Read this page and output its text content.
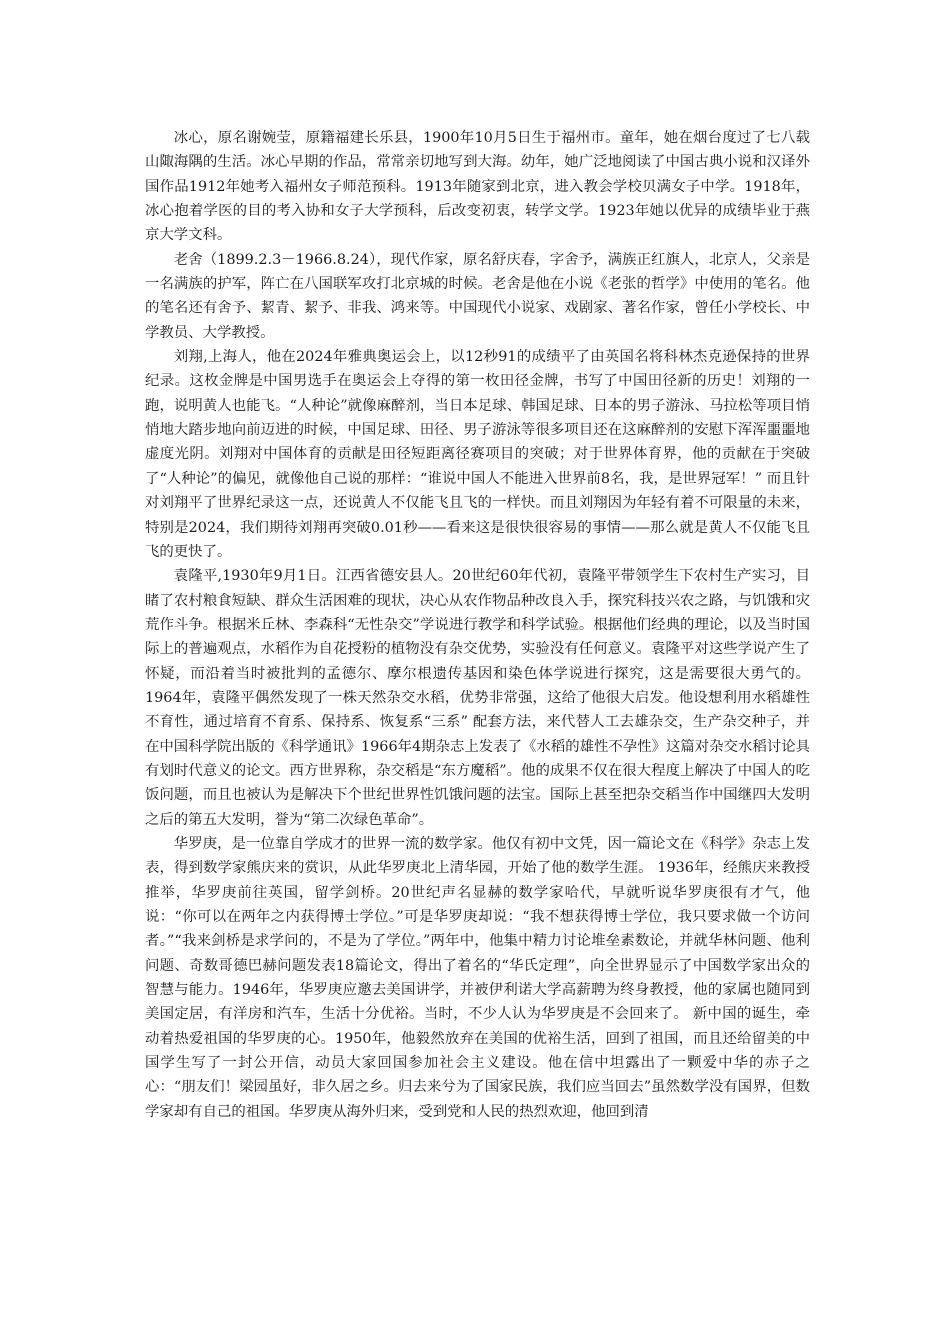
冰心，原名谢婉莹，原籍福建长乐县，1900年10月5日生于福州市。童年，她在烟台度过了七八载山陬海隅的生活。冰心早期的作品，常常亲切地写到大海。幼年，她广泛地阅读了中国古典小说和汉译外国作品1912年她考入福州女子师范预科。1913年随家到北京，进入教会学校贝满女子中学。1918年，冰心抱着学医的目的考入协和女子大学预科，后改变初衷，转学文学。1923年她以优异的成绩毕业于燕京大学文科。

老舍（1899.2.3－1966.8.24），现代作家，原名舒庆春，字舍予，满族正红旗人，北京人，父亲是一名满族的护军，阵亡在八国联军攻打北京城的时候。老舍是他在小说《老张的哲学》中使用的笔名。他的笔名还有舍予、絜青、絜予、非我、鸿来等。中国现代小说家、戏剧家、著名作家，曾任小学校长、中学教员、大学教授。

刘翔,上海人，他在2024年雅典奥运会上，以12秒91的成绩平了由英国名将科林杰克逊保持的世界纪录。这枚金牌是中国男选手在奥运会上夺得的第一枚田径金牌，书写了中国田径新的历史！刘翔的一跑，说明黄人也能飞。“人种论”就像麻醉剂，当日本足球、韩国足球、日本的男子游泳、马拉松等项目悄悄地大踏步地向前迈进的时候，中国足球、田径、男子游泳等很多项目还在这麻醉剂的安慰下浑浑噩噩地虚度光阴。刘翔对中国体育的贡献是田径短距离径赛项目的突破；对于世界体育界，他的贡献在于突破了“人种论”的偏见，就像他自己说的那样：“谁说中国人不能进入世界前8名，我，是世界冠军！” 而且针对刘翔平了世界纪录这一点，还说黄人不仅能飞且飞的一样快。而且刘翔因为年轻有着不可限量的未来，特别是2024，我们期待刘翔再突破0.01秒——看来这是很快很容易的事情——那么就是黄人不仅能飞且飞的更快了。

袁隆平,1930年9月1日。江西省德安县人。20世纪60年代初，袁隆平带领学生下农村生产实习，目睹了农村粮食短缺、群众生活困难的现状，决心从农作物品种改良入手，探究科技兴农之路，与饥饿和灾荒作斗争。根据米丘林、李森科“无性杂交”学说进行教学和科学试验。根据他们经典的理论，以及当时国际上的普遍观点，水稻作为自花授粉的植物没有杂交优势，实验没有任何意义。袁隆平对这些学说产生了怀疑，而沿着当时被批判的孟德尔、摩尔根遗传基因和染色体学说进行探究，这是需要很大勇气的。1964年，袁隆平偶然发现了一株天然杂交水稻，优势非常强，这给了他很大启发。他设想利用水稻雄性不育性，通过培育不育系、保持系、恢复系“三系” 配套方法，来代替人工去雄杂交，生产杂交种子，并在中国科学院出版的《科学通讯》1966年4期杂志上发表了《水稻的雄性不孕性》这篇对杂交水稻讨论具有划时代意义的论文。西方世界称，杂交稻是“东方魔稻”。他的成果不仅在很大程度上解决了中国人的吃饭问题，而且也被认为是解决下个世纪世界性饥饿问题的法宝。国际上甚至把杂交稻当作中国继四大发明之后的第五大发明，誉为“第二次绿色革命”。

华罗庚，是一位靠自学成才的世界一流的数学家。他仅有初中文凭，因一篇论文在《科学》杂志上发表，得到数学家熊庆来的赏识，从此华罗庚北上清华园，开始了他的数学生涯。 1936年，经熊庆来教授推举，华罗庚前往英国，留学剑桥。20世纪声名显赫的数学家哈代，早就听说华罗庚很有才气，他说：“你可以在两年之内获得博士学位。”可是华罗庚却说：“我不想获得博士学位，我只要求做一个访问者。”“我来剑桥是求学问的，不是为了学位。”两年中，他集中精力讨论堆垒素数论，并就华林问题、他利问题、奇数哥德巴赫问题发表18篇论文，得出了着名的“华氏定理”，向全世界显示了中国数学家出众的智慧与能力。1946年，华罗庚应邀去美国讲学，并被伊利诺大学高薪聘为终身教授，他的家属也随同到美国定居，有洋房和汽车，生活十分优裕。当时，不少人认为华罗庚是不会回来了。 新中国的诞生，牵动着热爱祖国的华罗庚的心。1950年，他毅然放弃在美国的优裕生活，回到了祖国，而且还给留美的中国学生写了一封公开信，动员大家回国参加社会主义建设。他在信中坦露出了一颗爱中华的赤子之心：“朋友们！梁园虽好，非久居之乡。归去来兮为了国家民族，我们应当回去”虽然数学没有国界，但数学家却有自己的祖国。华罗庚从海外归来，受到党和人民的热烈欢迎，他回到清
